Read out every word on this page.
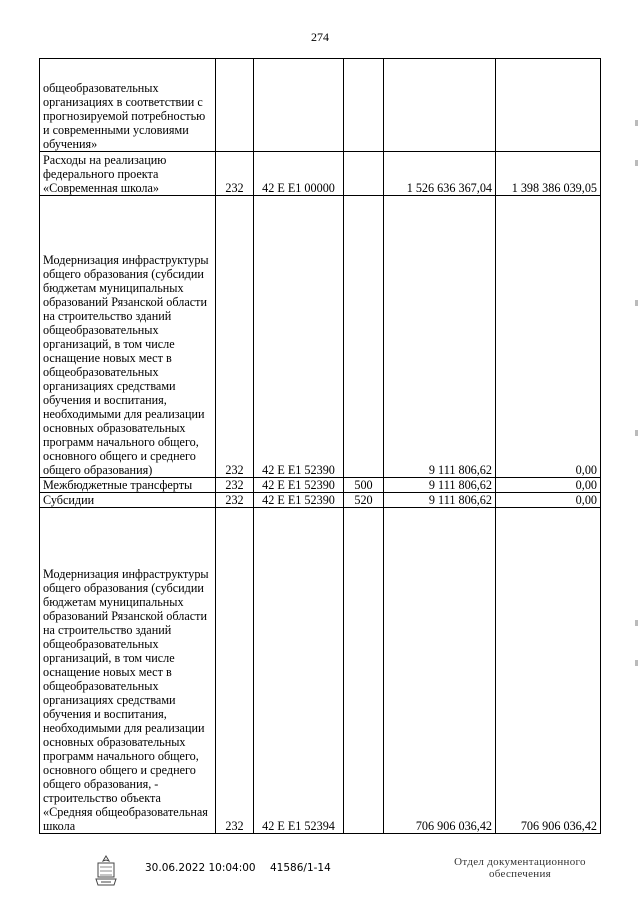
274
общеобразовательных организациях в соответствии с прогнозируемой потребностью и современными условиями обучения»					

Расходы на реализацию федерального проекта «Современная школа»	232	42 Е E1 00000		1 526 636 367,04	1 398 386 039,05

Модернизация инфраструктуры общего образования (субсидии бюджетам муниципальных образований Рязанской области на строительство зданий общеобразовательных организаций, в том числе оснащение новых мест в общеобразовательных организациях средствами обучения и воспитания, необходимыми для реализации основных образовательных программ начального общего, основного общего и среднего общего образования)	232	42 Е E1 52390		9 111 806,62	0,00

Межбюджетные трансферты	232	42 Е E1 52390	500	9 111 806,62	0,00

Субсидии	232	42 Е E1 52390	520	9 111 806,62	0,00

Модернизация инфраструктуры общего образования (субсидии бюджетам муниципальных образований Рязанской области на строительство зданий общеобразовательных организаций, в том числе оснащение новых мест в общеобразовательных организациях средствами обучения и воспитания, необходимыми для реализации основных образовательных программ начального общего, основного общего и среднего общего образования, - строительство объекта «Средняя общеобразовательная школа	232	42 Е E1 52394		706 906 036,42	706 906 036,42
30.06.2022 10:04:00 41586/1-14	Отдел документационного
обеспечения
